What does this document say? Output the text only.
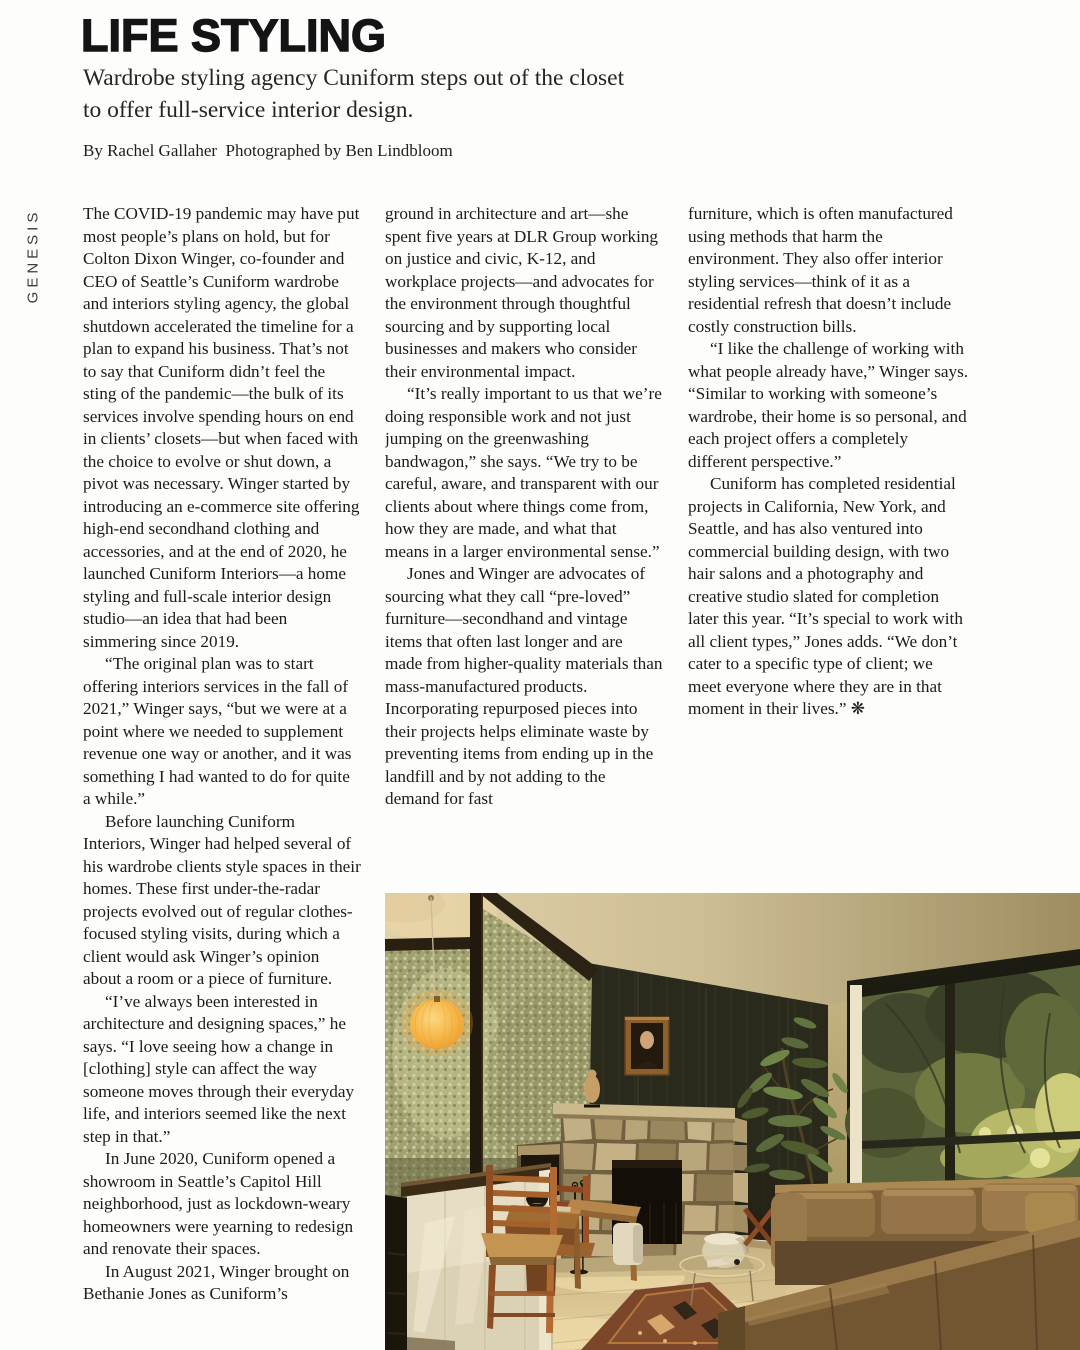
LIFE STYLING

Wardrobe styling agency Cuniform steps out of the closet to offer full-service interior design.

By Rachel Gallaher  Photographed by Ben Lindbloom

GENESIS The COVID-19 pandemic may have put most people’s plans on hold, but for Colton Dixon Winger, co-founder and CEO of Seattle’s Cuniform wardrobe and interiors styling agency, the global shutdown accelerated the timeline for a plan to expand his business. That’s not to say that Cuniform didn’t feel the sting of the pandemic—the bulk of its services involve spending hours on end in clients’ closets—but when faced with the choice to evolve or shut down, a pivot was necessary. Winger started by introducing an e-commerce site offering high-end secondhand clothing and accessories, and at the end of 2020, he launched Cuniform Interiors—a home styling and full-scale interior design studio—an idea that had been simmering since 2019.

“The original plan was to start offering interiors services in the fall of 2021,” Winger says, “but we were at a point where we needed to supplement revenue one way or another, and it was something I had wanted to do for quite a while.”

Before launching Cuniform Interiors, Winger had helped several of his wardrobe clients style spaces in their homes. These first under-the-radar projects evolved out of regular clothes-focused styling visits, during which a client would ask Winger’s opinion about a room or a piece of furniture.

“I’ve always been interested in architecture and designing spaces,” he says. “I love seeing how a change in [clothing] style can affect the way someone moves through their everyday life, and interiors seemed like the next step in that.”

In June 2020, Cuniform opened a showroom in Seattle’s Capitol Hill neighborhood, just as lockdown-weary homeowners were yearning to redesign and renovate their spaces.

In August 2021, Winger brought on Bethanie Jones as Cuniform’s

ground in architecture and art—she spent five years at DLR Group working on justice and civic, K-12, and workplace projects—and advocates for the environment through thoughtful sourcing and by supporting local businesses and makers who consider their environmental impact.

“It’s really important to us that we’re doing responsible work and not just jumping on the greenwashing bandwagon,” she says. “We try to be careful, aware, and transparent with our clients about where things come from, how they are made, and what that means in a larger environmental sense.”

Jones and Winger are advocates of sourcing what they call “pre-loved” furniture—secondhand and vintage items that often last longer and are made from higher-quality materials than mass-manufactured products. Incorporating repurposed pieces into their projects helps eliminate waste by preventing items from ending up in the landfill and by not adding to the demand for fast

furniture, which is often manufactured using methods that harm the environment. They also offer interior styling services—think of it as a residential refresh that doesn’t include costly construction bills.

“I like the challenge of working with what people already have,” Winger says. “Similar to working with someone’s wardrobe, their home is so personal, and each project offers a completely different perspective.”

Cuniform has completed residential projects in California, New York, and Seattle, and has also ventured into commercial building design, with two hair salons and a photography and creative studio slated for completion later this year. “It’s special to work with all client types,” Jones adds. “We don’t cater to a specific type of client; we meet everyone where they are in that moment in their lives.” ❋
